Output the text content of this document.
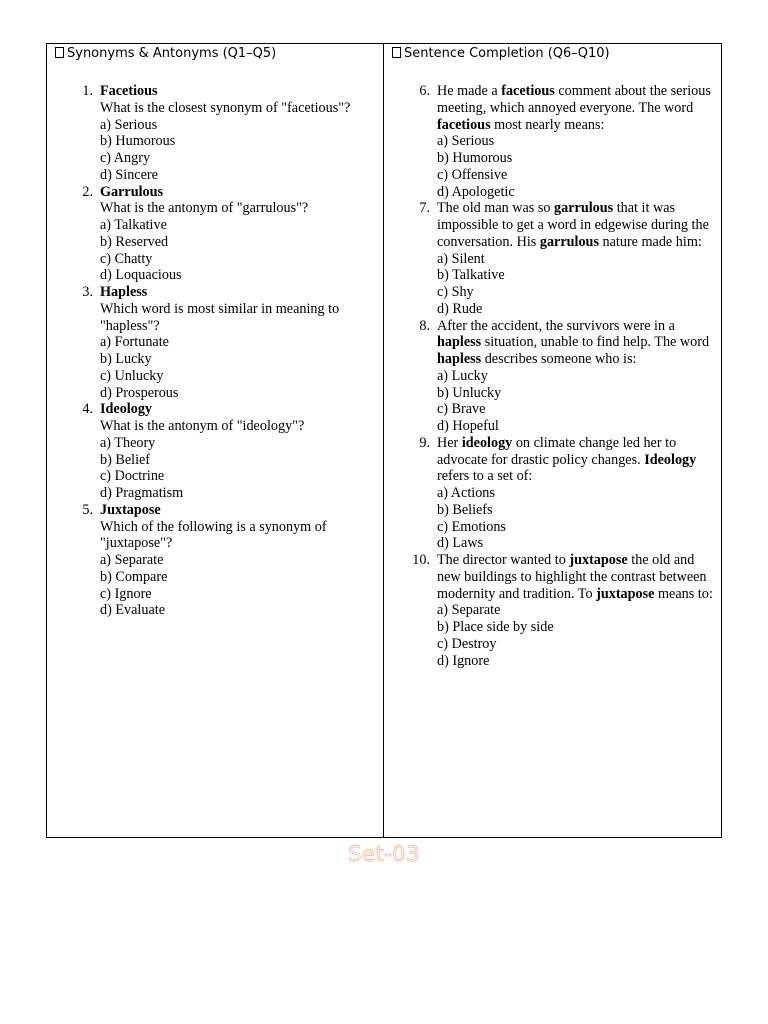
Synonyms & Antonyms (Q1–Q5)
1. Facetious
What is the closest synonym of "facetious"?
a) Serious
b) Humorous
c) Angry
d) Sincere
2. Garrulous
What is the antonym of "garrulous"?
a) Talkative
b) Reserved
c) Chatty
d) Loquacious
3. Hapless
Which word is most similar in meaning to "hapless"?
a) Fortunate
b) Lucky
c) Unlucky
d) Prosperous
4. Ideology
What is the antonym of "ideology"?
a) Theory
b) Belief
c) Doctrine
d) Pragmatism
5. Juxtapose
Which of the following is a synonym of "juxtapose"?
a) Separate
b) Compare
c) Ignore
d) Evaluate
Sentence Completion (Q6–Q10)
6. He made a facetious comment about the serious meeting, which annoyed everyone. The word facetious most nearly means:
a) Serious
b) Humorous
c) Offensive
d) Apologetic
7. The old man was so garrulous that it was impossible to get a word in edgewise during the conversation. His garrulous nature made him:
a) Silent
b) Talkative
c) Shy
d) Rude
8. After the accident, the survivors were in a hapless situation, unable to find help. The word hapless describes someone who is:
a) Lucky
b) Unlucky
c) Brave
d) Hopeful
9. Her ideology on climate change led her to advocate for drastic policy changes. Ideology refers to a set of:
a) Actions
b) Beliefs
c) Emotions
d) Laws
10. The director wanted to juxtapose the old and new buildings to highlight the contrast between modernity and tradition. To juxtapose means to:
a) Separate
b) Place side by side
c) Destroy
d) Ignore
Set-03
